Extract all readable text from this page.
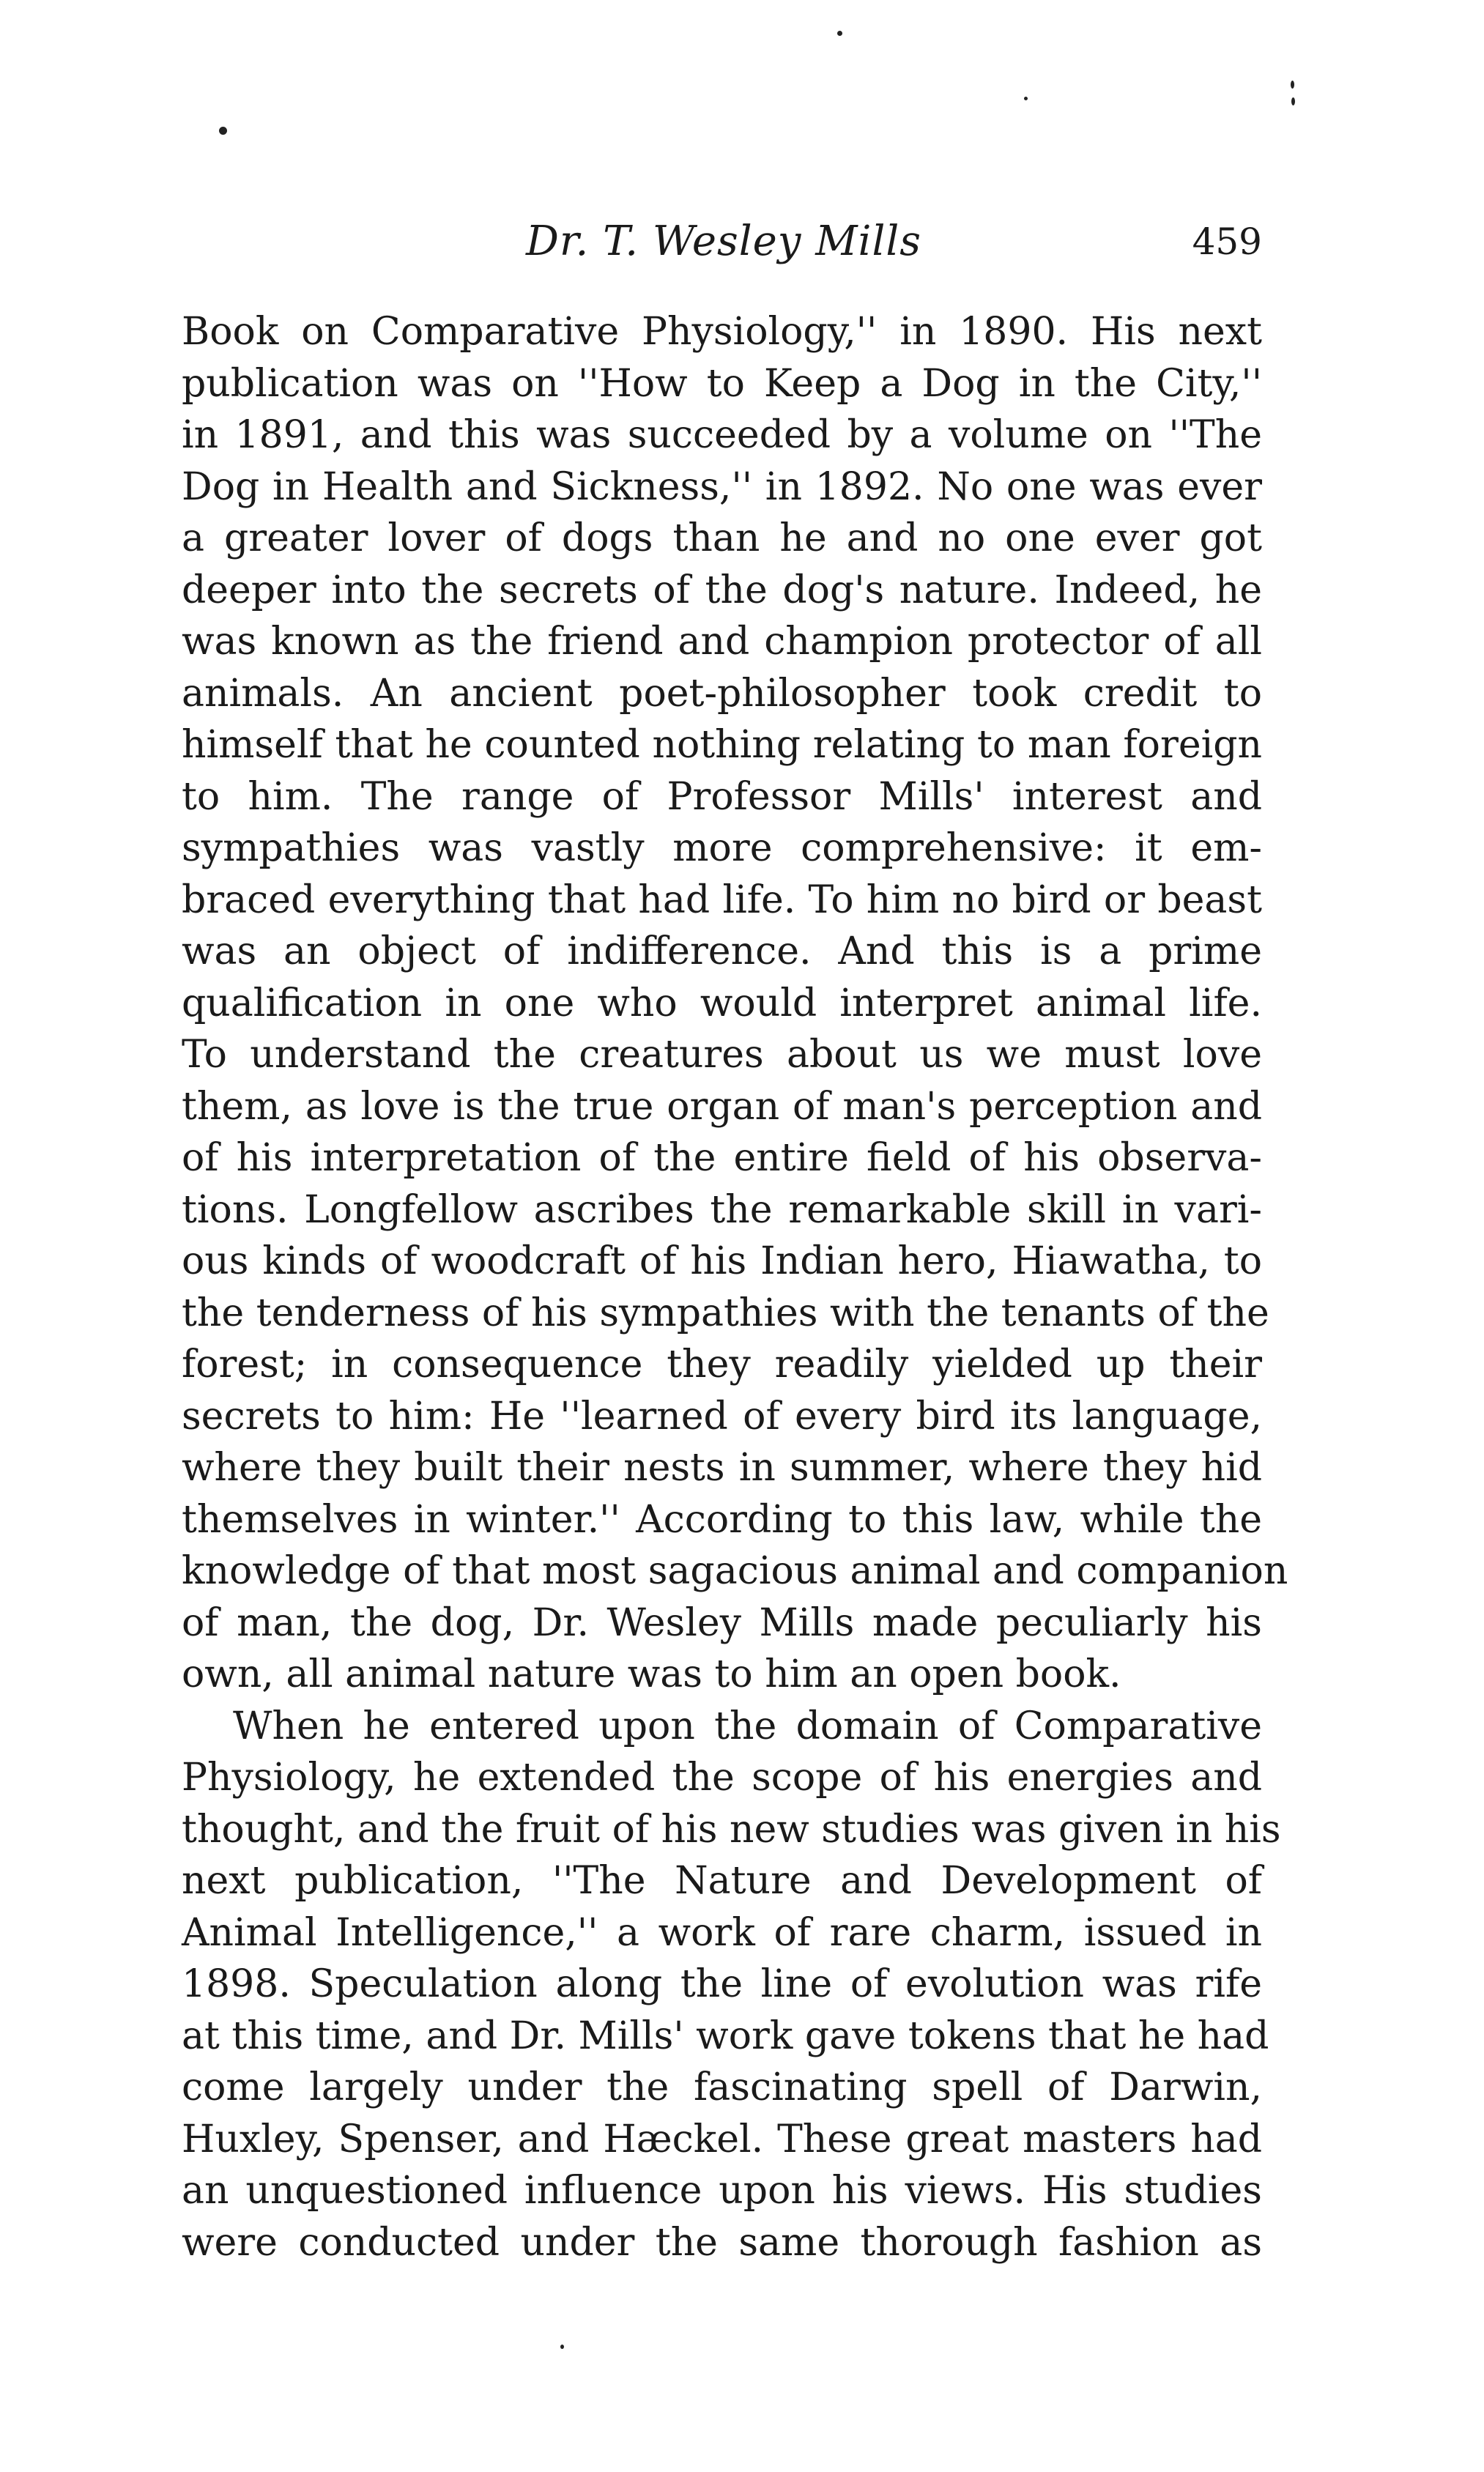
Dr. T. Wesley Mills	459
Book on Comparative Physiology,'' in 1890. His next
publication was on ''How to Keep a Dog in the City,''
in 1891, and this was succeeded by a volume on ''The
Dog in Health and Sickness,'' in 1892. No one was ever
a greater lover of dogs than he and no one ever got
deeper into the secrets of the dog's nature. Indeed, he
was known as the friend and champion protector of all
animals. An ancient poet-philosopher took credit to
himself that he counted nothing relating to man foreign
to him. The range of Professor Mills' interest and
sympathies was vastly more comprehensive: it em-
braced everything that had life. To him no bird or beast
was an object of indifference. And this is a prime
qualification in one who would interpret animal life.
To understand the creatures about us we must love
them, as love is the true organ of man's perception and
of his interpretation of the entire field of his observa-
tions. Longfellow ascribes the remarkable skill in vari-
ous kinds of woodcraft of his Indian hero, Hiawatha, to
the tenderness of his sympathies with the tenants of the
forest; in consequence they readily yielded up their
secrets to him: He ''learned of every bird its language,
where they built their nests in summer, where they hid
themselves in winter.'' According to this law, while the
knowledge of that most sagacious animal and companion
of man, the dog, Dr. Wesley Mills made peculiarly his
own, all animal nature was to him an open book.
When he entered upon the domain of Comparative
Physiology, he extended the scope of his energies and
thought, and the fruit of his new studies was given in his
next publication, ''The Nature and Development of
Animal Intelligence,'' a work of rare charm, issued in
1898. Speculation along the line of evolution was rife
at this time, and Dr. Mills' work gave tokens that he had
come largely under the fascinating spell of Darwin,
Huxley, Spenser, and Hæckel. These great masters had
an unquestioned influence upon his views. His studies
were conducted under the same thorough fashion as
